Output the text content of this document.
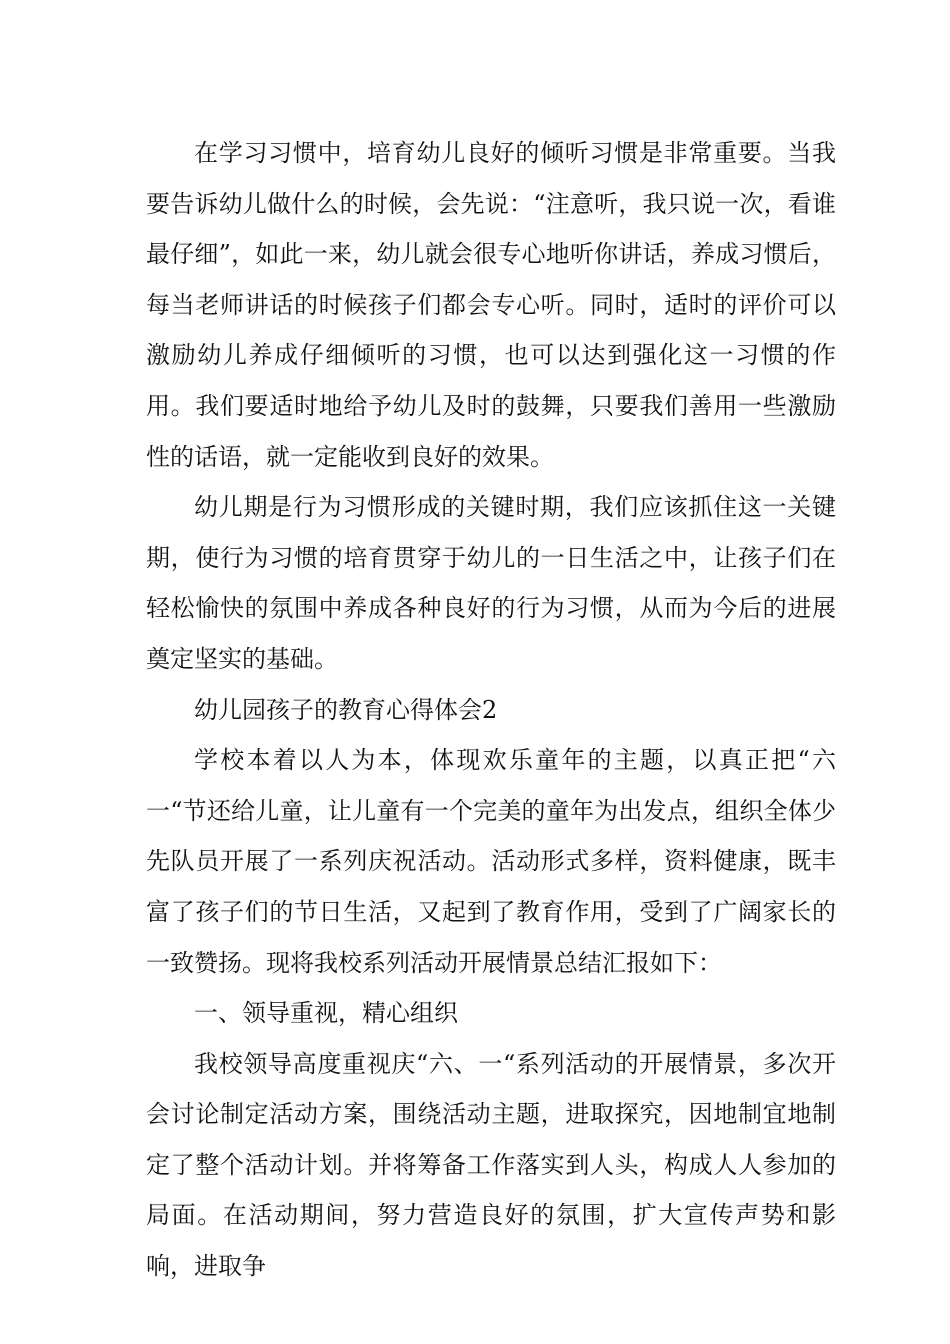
在学习习惯中，培育幼儿良好的倾听习惯是非常重要。当我要告诉幼儿做什么的时候，会先说：“注意听，我只说一次，看谁最仔细”，如此一来，幼儿就会很专心地听你讲话，养成习惯后，每当老师讲话的时候孩子们都会专心听。同时，适时的评价可以激励幼儿养成仔细倾听的习惯，也可以达到强化这一习惯的作用。我们要适时地给予幼儿及时的鼓舞，只要我们善用一些激励性的话语，就一定能收到良好的效果。

幼儿期是行为习惯形成的关键时期，我们应该抓住这一关键期，使行为习惯的培育贯穿于幼儿的一日生活之中，让孩子们在轻松愉快的氛围中养成各种良好的行为习惯，从而为今后的进展奠定坚实的基础。

幼儿园孩子的教育心得体会2

学校本着以人为本，体现欢乐童年的主题，以真正把“六一“节还给儿童，让儿童有一个完美的童年为出发点，组织全体少先队员开展了一系列庆祝活动。活动形式多样，资料健康，既丰富了孩子们的节日生活，又起到了教育作用，受到了广阔家长的一致赞扬。现将我校系列活动开展情景总结汇报如下：

一、领导重视，精心组织

我校领导高度重视庆“六、一“系列活动的开展情景，多次开会讨论制定活动方案，围绕活动主题，进取探究，因地制宜地制定了整个活动计划。并将筹备工作落实到人头，构成人人参加的局面。在活动期间，努力营造良好的氛围，扩大宣传声势和影响，进取争
